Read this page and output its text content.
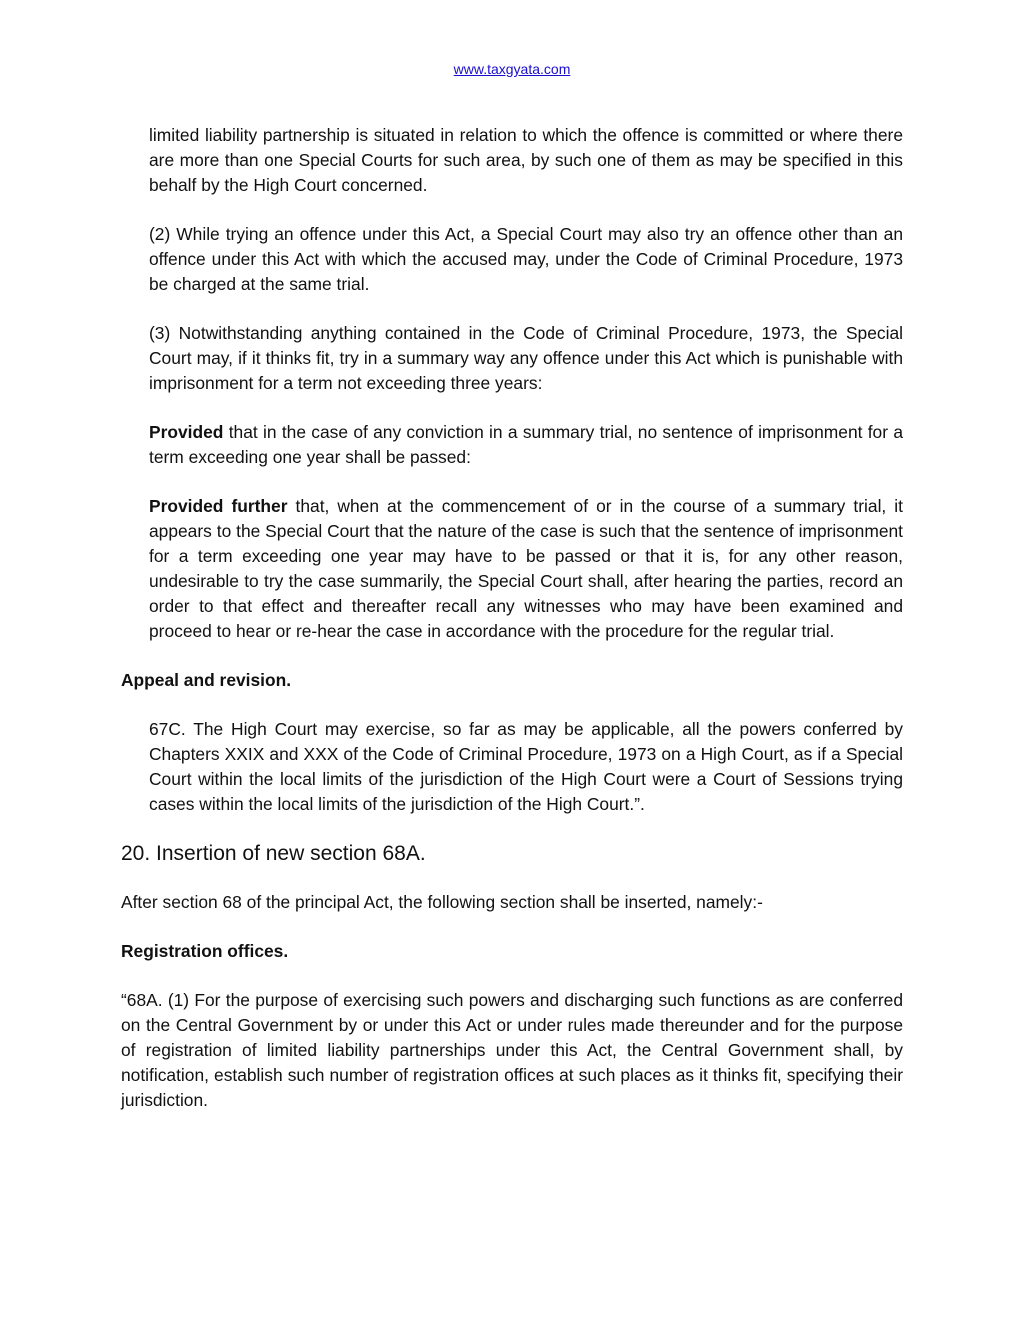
www.taxgyata.com

limited liability partnership is situated in relation to which the offence is committed or where there are more than one Special Courts for such area, by such one of them as may be specified in this behalf by the High Court concerned.

(2) While trying an offence under this Act, a Special Court may also try an offence other than an offence under this Act with which the accused may, under the Code of Criminal Procedure, 1973 be charged at the same trial.

(3) Notwithstanding anything contained in the Code of Criminal Procedure, 1973, the Special Court may, if it thinks fit, try in a summary way any offence under this Act which is punishable with imprisonment for a term not exceeding three years:

Provided that in the case of any conviction in a summary trial, no sentence of imprisonment for a term exceeding one year shall be passed:

Provided further that, when at the commencement of or in the course of a summary trial, it appears to the Special Court that the nature of the case is such that the sentence of imprisonment for a term exceeding one year may have to be passed or that it is, for any other reason, undesirable to try the case summarily, the Special Court shall, after hearing the parties, record an order to that effect and thereafter recall any witnesses who may have been examined and proceed to hear or re-hear the case in accordance with the procedure for the regular trial.

Appeal and revision.

67C. The High Court may exercise, so far as may be applicable, all the powers conferred by Chapters XXIX and XXX of the Code of Criminal Procedure, 1973 on a High Court, as if a Special Court within the local limits of the jurisdiction of the High Court were a Court of Sessions trying cases within the local limits of the jurisdiction of the High Court.”.

20. Insertion of new section 68A.

After section 68 of the principal Act, the following section shall be inserted, namely:-

Registration offices.

“68A. (1) For the purpose of exercising such powers and discharging such functions as are conferred on the Central Government by or under this Act or under rules made thereunder and for the purpose of registration of limited liability partnerships under this Act, the Central Government shall, by notification, establish such number of registration offices at such places as it thinks fit, specifying their jurisdiction.
